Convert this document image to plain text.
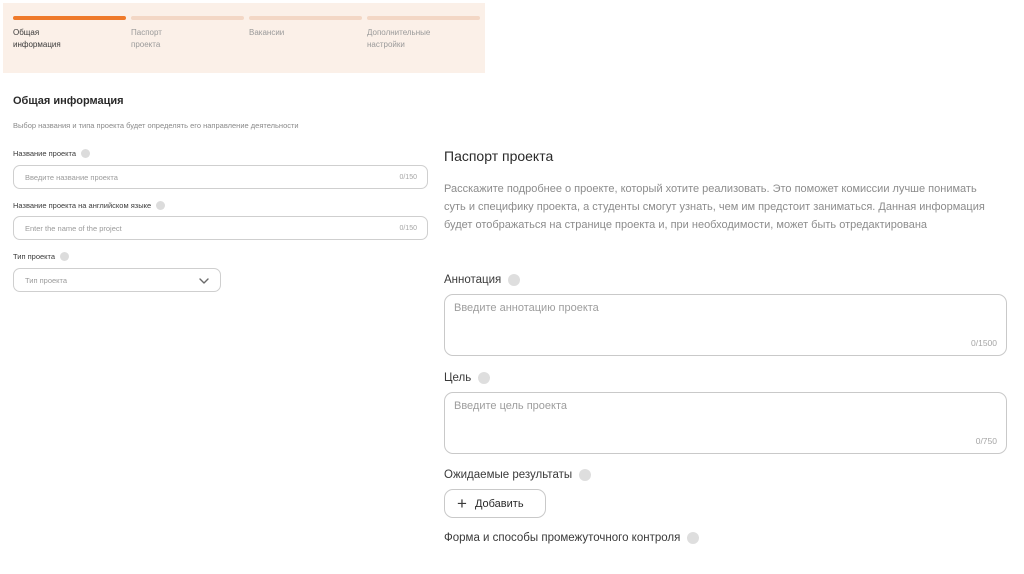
Общая
информация
Паспорт
проекта
Вакансии	Дополнительные
настройки
Общая информация
Выбор названия и типа проекта будет определять его направление деятельности
Название проекта
Введите название проекта	0/150
Название проекта на английском языке
Enter the name of the project	0/150
Тип проекта
Тип проекта
Паспорт проекта
Расскажите подробнее о проекте, который хотите реализовать. Это поможет комиссии лучше понимать суть и специфику проекта, а студенты смогут узнать, чем им предстоит заниматься. Данная информация будет отображаться на странице проекта и, при необходимости, может быть отредактирована
Аннотация
Введите аннотацию проекта
0/1500
Цель
Введите цель проекта
0/750
Ожидаемые результаты
+ Добавить
Форма и способы промежуточного контроля
